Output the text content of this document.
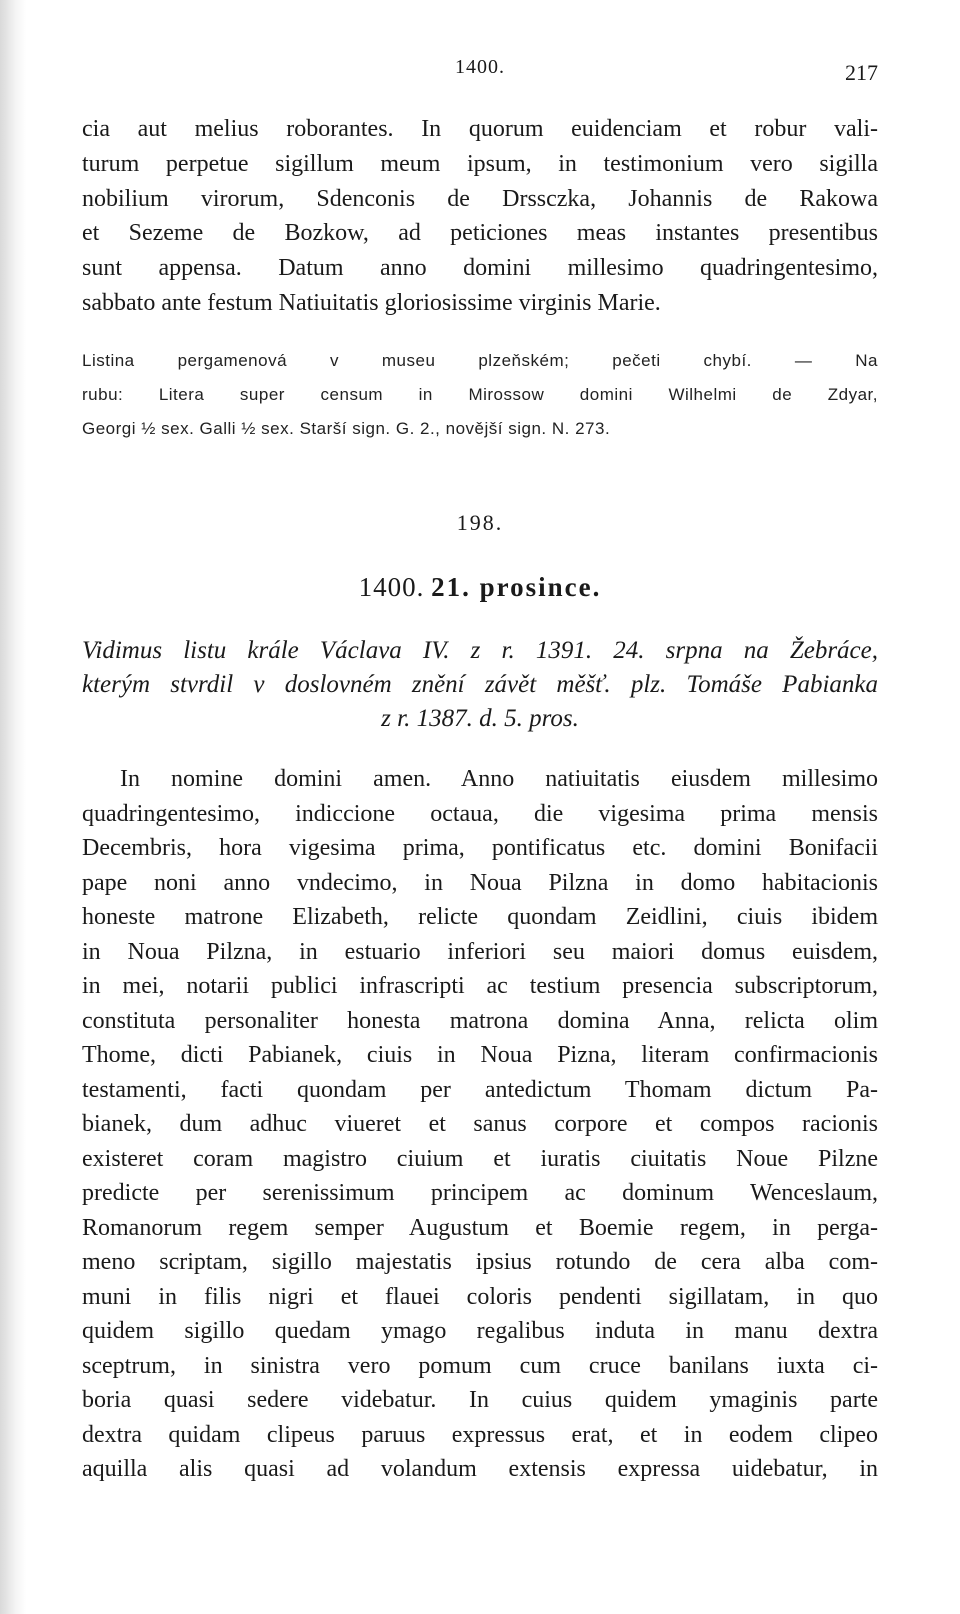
1400.	217
cia aut melius roborantes. In quorum euidenciam et robur vali-
turum perpetue sigillum meum ipsum, in testimonium vero sigilla
nobilium virorum, Sdenconis de Drssczka, Johannis de Rakowa
et Sezeme de Bozkow, ad peticiones meas instantes presentibus
sunt appensa. Datum anno domini millesimo quadringentesimo,
sabbato ante festum Natiuitatis gloriosissime virginis Marie.
Listina pergamenová v museu plzeňském; pečeti chybí. — Na
rubu: Litera super censum in Mirossow domini Wilhelmi de Zdyar,
Georgi ½ sex. Galli ½ sex. Starší sign. G. 2., novější sign. N. 273.
198.
1400. 21. prosince.
Vidimus listu krále Václava IV. z r. 1391. 24. srpna na Žebráce,
kterým stvrdil v doslovném znění závět měšť. plz. Tomáše Pabianka
z r. 1387. d. 5. pros.
In nomine domini amen. Anno natiuitatis eiusdem millesimo
quadringentesimo, indiccione octaua, die vigesima prima mensis
Decembris, hora vigesima prima, pontificatus etc. domini Bonifacii
pape noni anno vndecimo, in Noua Pilzna in domo habitacionis
honeste matrone Elizabeth, relicte quondam Zeidlini, ciuis ibidem
in Noua Pilzna, in estuario inferiori seu maiori domus euisdem,
in mei, notarii publici infrascripti ac testium presencia subscriptorum,
constituta personaliter honesta matrona domina Anna, relicta olim
Thome, dicti Pabianek, ciuis in Noua Pizna, literam confirmacionis
testamenti, facti quondam per antedictum Thomam dictum Pa-
bianek, dum adhuc viueret et sanus corpore et compos racionis
existeret coram magistro ciuium et iuratis ciuitatis Noue Pilzne
predicte per serenissimum principem ac dominum Wenceslaum,
Romanorum regem semper Augustum et Boemie regem, in perga-
meno scriptam, sigillo majestatis ipsius rotundo de cera alba com-
muni in filis nigri et flauei coloris pendenti sigillatam, in quo
quidem sigillo quedam ymago regalibus induta in manu dextra
sceptrum, in sinistra vero pomum cum cruce banilans iuxta ci-
boria quasi sedere videbatur. In cuius quidem ymaginis parte
dextra quidam clipeus paruus expressus erat, et in eodem clipeo
aquilla alis quasi ad volandum extensis expressa uidebatur, in
